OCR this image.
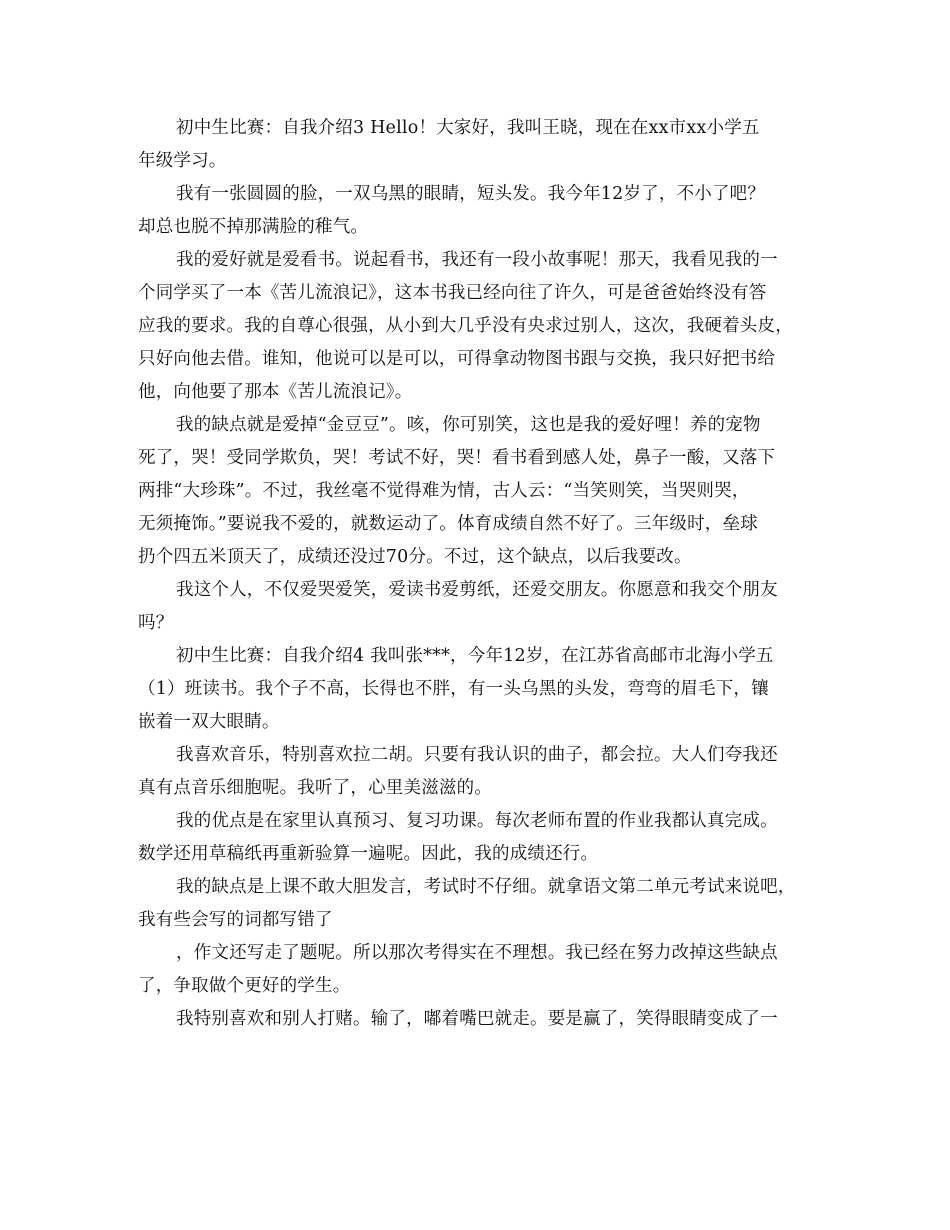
初中生比赛：自我介绍3 Hello！大家好，我叫王晓，现在在xx市xx小学五
年级学习。
我有一张圆圆的脸，一双乌黑的眼睛，短头发。我今年12岁了，不小了吧？
却总也脱不掉那满脸的稚气。
我的爱好就是爱看书。说起看书，我还有一段小故事呢！那天，我看见我的一
个同学买了一本《苦儿流浪记》，这本书我已经向往了许久，可是爸爸始终没有答
应我的要求。我的自尊心很强，从小到大几乎没有央求过别人，这次，我硬着头皮，
只好向他去借。谁知，他说可以是可以，可得拿动物图书跟与交换，我只好把书给
他，向他要了那本《苦儿流浪记》。
我的缺点就是爱掉“金豆豆”。咳，你可别笑，这也是我的爱好哩！养的宠物
死了，哭！受同学欺负，哭！考试不好，哭！看书看到感人处，鼻子一酸，又落下
两排“大珍珠”。不过，我丝毫不觉得难为情，古人云：“当笑则笑，当哭则哭，
无须掩饰。”要说我不爱的，就数运动了。体育成绩自然不好了。三年级时，垒球
扔个四五米顶天了，成绩还没过70分。不过，这个缺点，以后我要改。
我这个人，不仅爱哭爱笑，爱读书爱剪纸，还爱交朋友。你愿意和我交个朋友
吗？
初中生比赛：自我介绍4 我叫张***，今年12岁，在江苏省高邮市北海小学五
（1）班读书。我个子不高，长得也不胖，有一头乌黑的头发，弯弯的眉毛下，镶
嵌着一双大眼睛。
我喜欢音乐，特别喜欢拉二胡。只要有我认识的曲子，都会拉。大人们夸我还
真有点音乐细胞呢。我听了，心里美滋滋的。
我的优点是在家里认真预习、复习功课。每次老师布置的作业我都认真完成。
数学还用草稿纸再重新验算一遍呢。因此，我的成绩还行。
我的缺点是上课不敢大胆发言，考试时不仔细。就拿语文第二单元考试来说吧，
我有些会写的词都写错了
，作文还写走了题呢。所以那次考得实在不理想。我已经在努力改掉这些缺点
了，争取做个更好的学生。
我特别喜欢和别人打赌。输了，嘟着嘴巴就走。要是赢了，笑得眼睛变成了一
